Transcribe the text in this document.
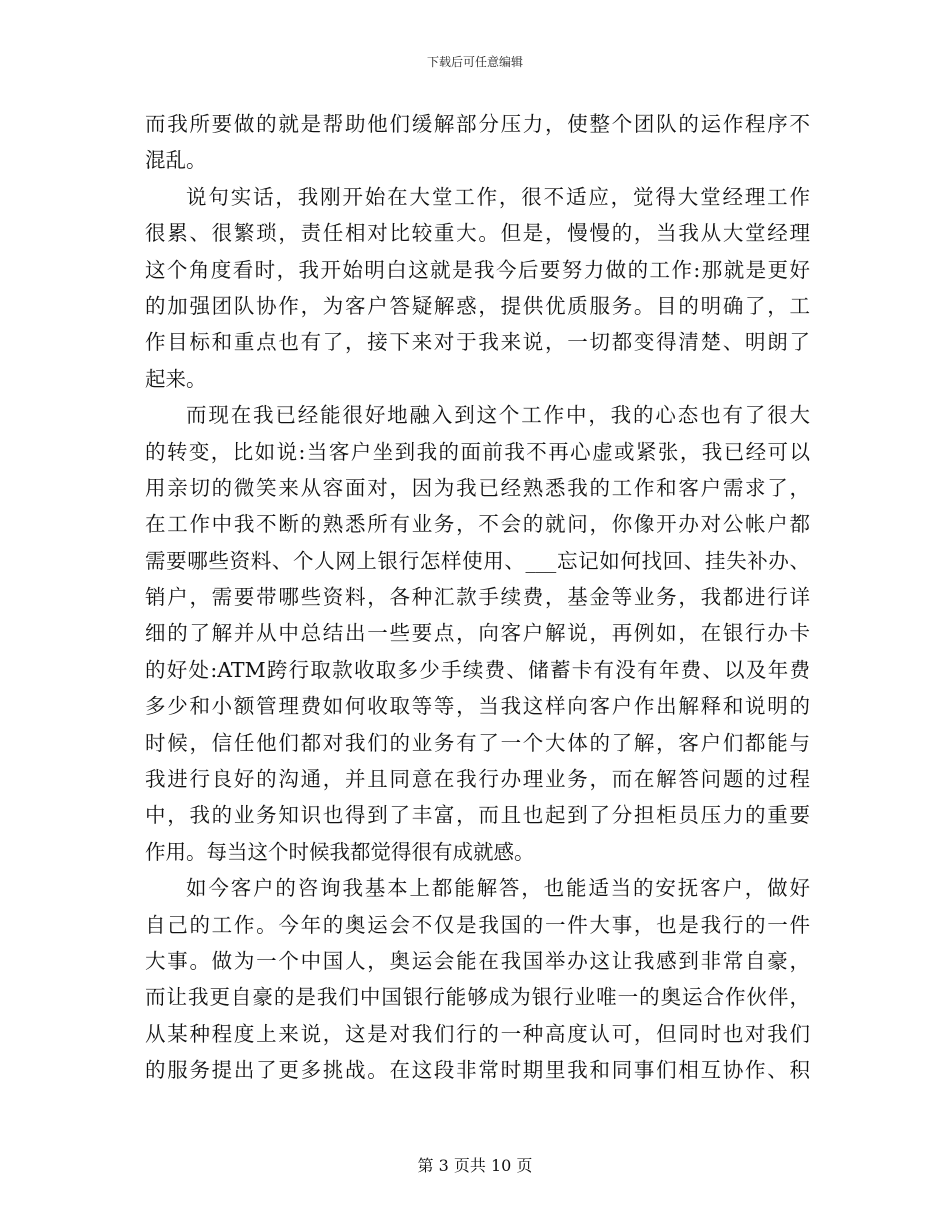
下载后可任意编辑
而我所要做的就是帮助他们缓解部分压力，使整个团队的运作程序不
混乱。
说句实话，我刚开始在大堂工作，很不适应，觉得大堂经理工作
很累、很繁琐，责任相对比较重大。但是，慢慢的，当我从大堂经理
这个角度看时，我开始明白这就是我今后要努力做的工作:那就是更好
的加强团队协作，为客户答疑解惑，提供优质服务。目的明确了，工
作目标和重点也有了，接下来对于我来说，一切都变得清楚、明朗了
起来。
而现在我已经能很好地融入到这个工作中，我的心态也有了很大
的转变，比如说:当客户坐到我的面前我不再心虚或紧张，我已经可以
用亲切的微笑来从容面对，因为我已经熟悉我的工作和客户需求了，
在工作中我不断的熟悉所有业务，不会的就问，你像开办对公帐户都
需要哪些资料、个人网上银行怎样使用、___忘记如何找回、挂失补办、
销户，需要带哪些资料，各种汇款手续费，基金等业务，我都进行详
细的了解并从中总结出一些要点，向客户解说，再例如，在银行办卡
的好处:ATM跨行取款收取多少手续费、储蓄卡有没有年费、以及年费
多少和小额管理费如何收取等等，当我这样向客户作出解释和说明的
时候，信任他们都对我们的业务有了一个大体的了解，客户们都能与
我进行良好的沟通，并且同意在我行办理业务，而在解答问题的过程
中，我的业务知识也得到了丰富，而且也起到了分担柜员压力的重要
作用。每当这个时候我都觉得很有成就感。
如今客户的咨询我基本上都能解答，也能适当的安抚客户，做好
自己的工作。今年的奥运会不仅是我国的一件大事，也是我行的一件
大事。做为一个中国人，奥运会能在我国举办这让我感到非常自豪，
而让我更自豪的是我们中国银行能够成为银行业唯一的奥运合作伙伴，
从某种程度上来说，这是对我们行的一种高度认可，但同时也对我们
的服务提出了更多挑战。在这段非常时期里我和同事们相互协作、积
第 3 页共 10 页
